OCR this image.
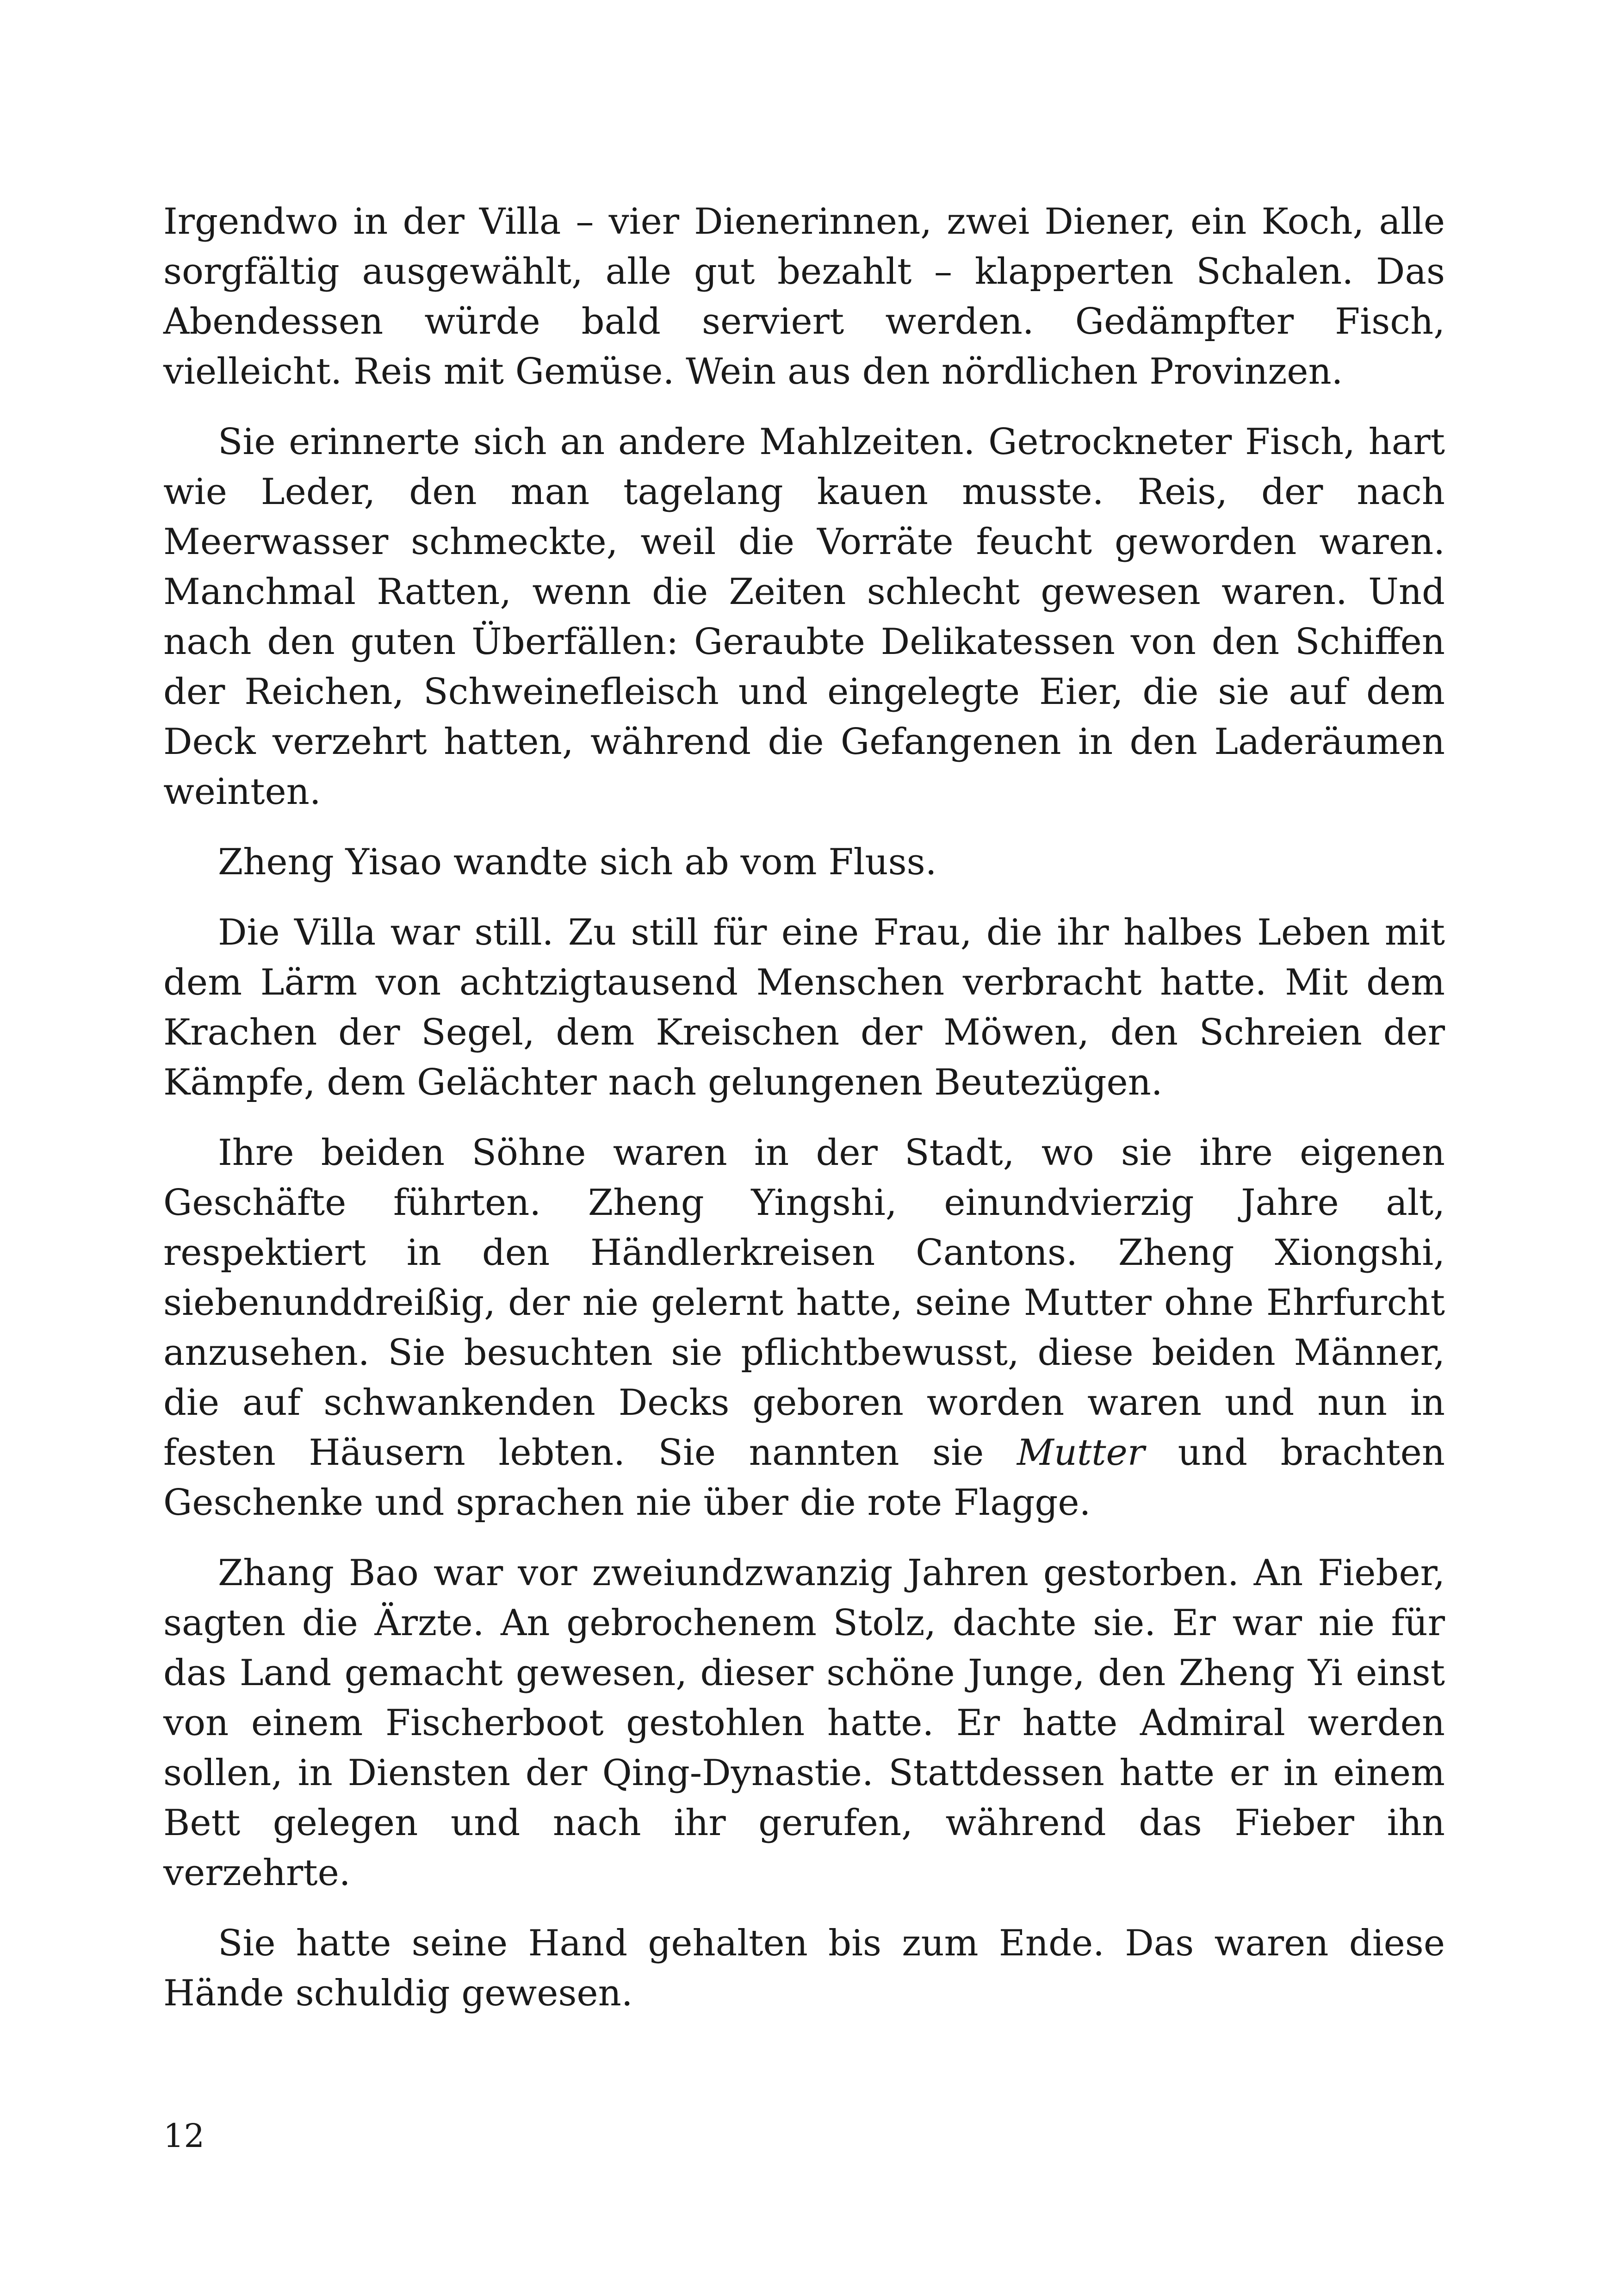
Irgendwo in der Villa – vier Dienerinnen, zwei Diener, ein Koch, alle sorgfältig ausgewählt, alle gut bezahlt – klapperten Schalen. Das Abendessen würde bald serviert werden. Gedämpfter Fisch, vielleicht. Reis mit Gemüse. Wein aus den nördlichen Provinzen.

Sie erinnerte sich an andere Mahlzeiten. Getrockneter Fisch, hart wie Leder, den man tagelang kauen musste. Reis, der nach Meerwasser schmeckte, weil die Vorräte feucht geworden waren. Manchmal Ratten, wenn die Zeiten schlecht gewesen waren. Und nach den guten Überfällen: Geraubte Delikatessen von den Schiffen der Reichen, Schweinefleisch und eingelegte Eier, die sie auf dem Deck verzehrt hatten, während die Gefangenen in den Laderäumen weinten.

Zheng Yisao wandte sich ab vom Fluss.

Die Villa war still. Zu still für eine Frau, die ihr halbes Leben mit dem Lärm von achtzigtausend Menschen verbracht hatte. Mit dem Krachen der Segel, dem Kreischen der Möwen, den Schreien der Kämpfe, dem Gelächter nach gelungenen Beutezügen.

Ihre beiden Söhne waren in der Stadt, wo sie ihre eigenen Geschäfte führten. Zheng Yingshi, einundvierzig Jahre alt, respektiert in den Händlerkreisen Cantons. Zheng Xiongshi, siebenunddreißig, der nie gelernt hatte, seine Mutter ohne Ehrfurcht anzusehen. Sie besuchten sie pflichtbewusst, diese beiden Männer, die auf schwankenden Decks geboren worden waren und nun in festen Häusern lebten. Sie nannten sie Mutter und brachten Geschenke und sprachen nie über die rote Flagge.

Zhang Bao war vor zweiundzwanzig Jahren gestorben. An Fieber, sagten die Ärzte. An gebrochenem Stolz, dachte sie. Er war nie für das Land gemacht gewesen, dieser schöne Junge, den Zheng Yi einst von einem Fischerboot gestohlen hatte. Er hatte Admiral werden sollen, in Diensten der Qing-Dynastie. Stattdessen hatte er in einem Bett gelegen und nach ihr gerufen, während das Fieber ihn verzehrte.

Sie hatte seine Hand gehalten bis zum Ende. Das waren diese Hände schuldig gewesen.

12
